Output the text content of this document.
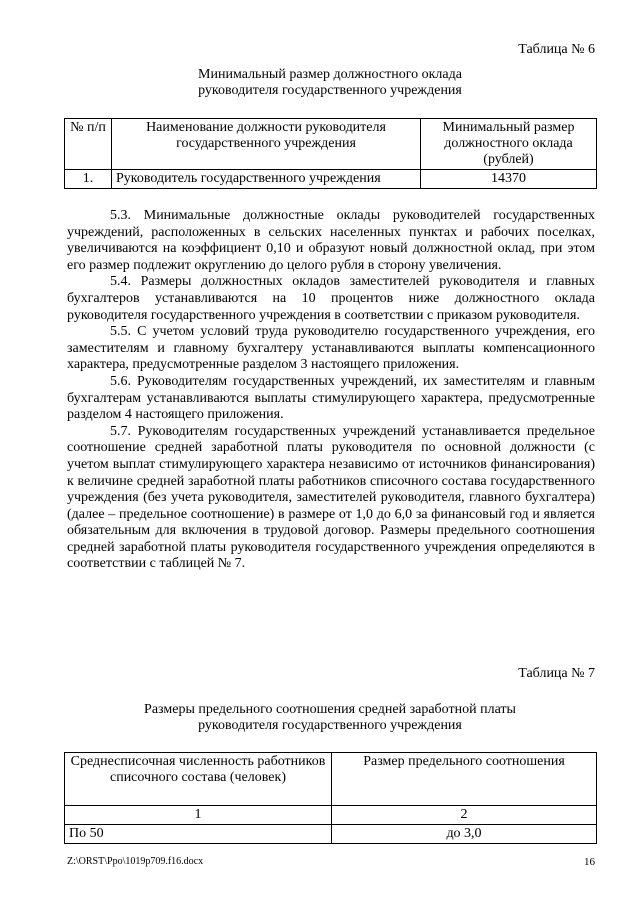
Таблица № 6
Минимальный размер должностного оклада
руководителя государственного учреждения
№ п/п	Наименование должности руководителя государственного учреждения	Минимальный размер должностного оклада (рублей)
1.	Руководитель государственного учреждения	14370

5.3. Минимальные должностные оклады руководителей государственных учреждений, расположенных в сельских населенных пунктах и рабочих поселках, увеличиваются на коэффициент 0,10 и образуют новый должностной оклад, при этом его размер подлежит округлению до целого рубля в сторону увеличения.

5.4. Размеры должностных окладов заместителей руководителя и главных бухгалтеров устанавливаются на 10 процентов ниже должностного оклада руководителя государственного учреждения в соответствии с приказом руководителя.

5.5. С учетом условий труда руководителю государственного учреждения, его заместителям и главному бухгалтеру устанавливаются выплаты компенсационного характера, предусмотренные разделом 3 настоящего приложения.

5.6. Руководителям государственных учреждений, их заместителям и главным бухгалтерам устанавливаются выплаты стимулирующего характера, предусмотренные разделом 4 настоящего приложения.

5.7. Руководителям государственных учреждений устанавливается предельное соотношение средней заработной платы руководителя по основной должности (с учетом выплат стимулирующего характера независимо от источников финансирования) к величине средней заработной платы работников списочного состава государственного учреждения (без учета руководителя, заместителей руководителя, главного бухгалтера) (далее – предельное соотношение) в размере от 1,0 до 6,0 за финансовый год и является обязательным для включения в трудовой договор. Размеры предельного соотношения средней заработной платы руководителя государственного учреждения определяются в соответствии с таблицей № 7.

Таблица № 7
Размеры предельного соотношения средней заработной платы
руководителя государственного учреждения
Среднесписочная численность работников списочного состава (человек)	Размер предельного соотношения
1	2
По 50	до 3,0
Z:\ORST\Ppo\1019p709.f16.docx	16
